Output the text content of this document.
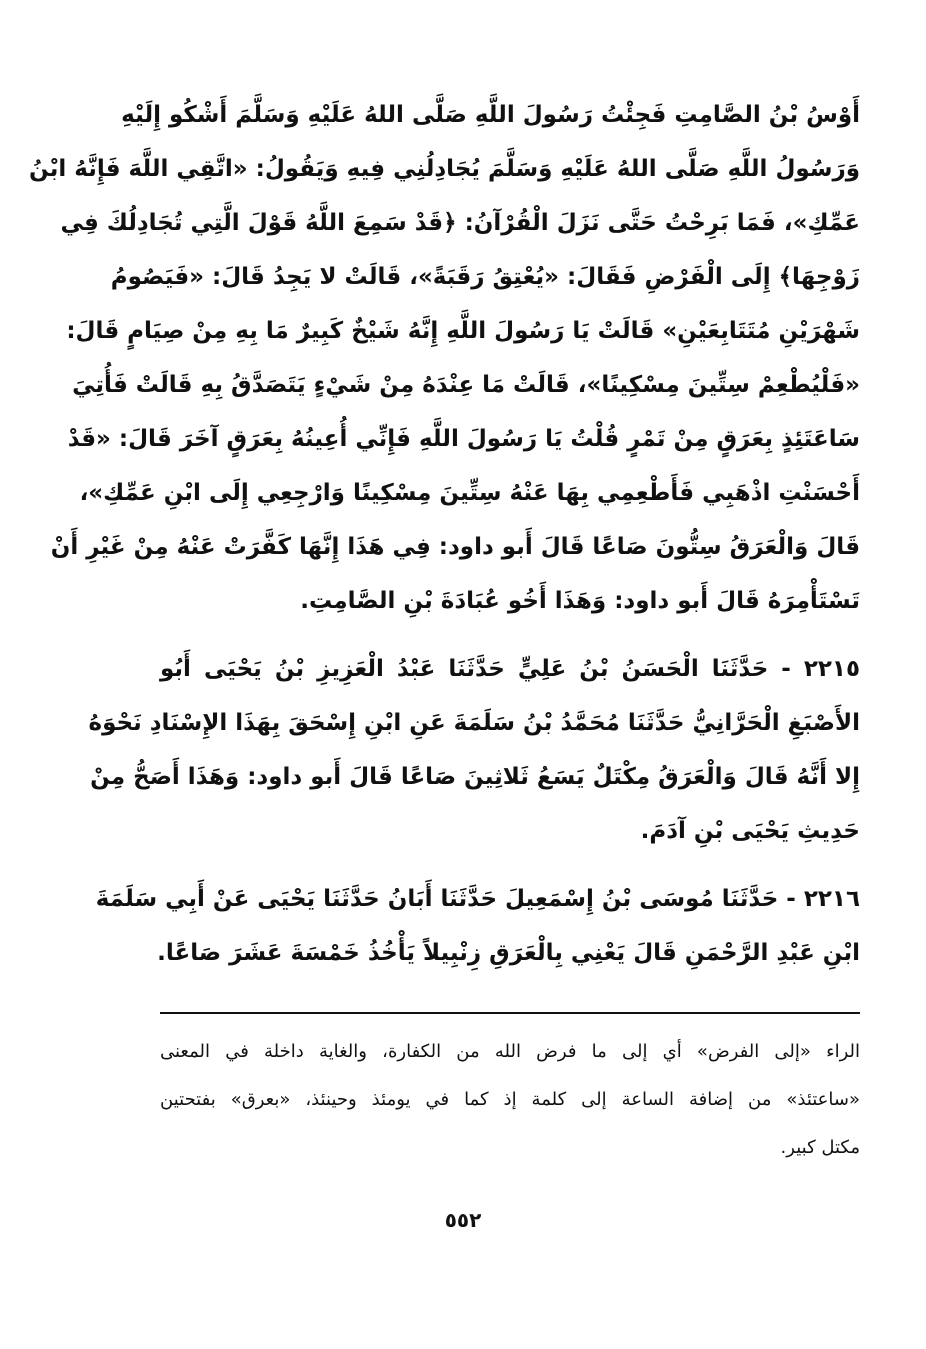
أَوْسُ بْنُ الصَّامِتِ فَجِئْتُ رَسُولَ اللَّهِ صَلَّى اللهُ عَلَيْهِ وَسَلَّمَ أَشْكُو إِلَيْهِ
وَرَسُولُ اللَّهِ صَلَّى اللهُ عَلَيْهِ وَسَلَّمَ يُجَادِلُنِي فِيهِ وَيَقُولُ: «اتَّقِي اللَّهَ فَإِنَّهُ ابْنُ
عَمِّكِ»، فَمَا بَرِحْتُ حَتَّى نَزَلَ الْقُرْآنُ: ﴿قَدْ سَمِعَ اللَّهُ قَوْلَ الَّتِي تُجَادِلُكَ فِي
زَوْجِهَا﴾ إِلَى الْفَرْضِ فَقَالَ: «يُعْتِقُ رَقَبَةً»، قَالَتْ لا يَجِدُ قَالَ: «فَيَصُومُ
شَهْرَيْنِ مُتَتَابِعَيْنِ» قَالَتْ يَا رَسُولَ اللَّهِ إِنَّهُ شَيْخٌ كَبِيرٌ مَا بِهِ مِنْ صِيَامٍ قَالَ:
«فَلْيُطْعِمْ سِتِّينَ مِسْكِينًا»، قَالَتْ مَا عِنْدَهُ مِنْ شَيْءٍ يَتَصَدَّقُ بِهِ قَالَتْ فَأُتِيَ
سَاعَتَئِذٍ بِعَرَقٍ مِنْ تَمْرٍ قُلْتُ يَا رَسُولَ اللَّهِ فَإِنِّي أُعِينُهُ بِعَرَقٍ آخَرَ قَالَ: «قَدْ
أَحْسَنْتِ اذْهَبِي فَأَطْعِمِي بِهَا عَنْهُ سِتِّينَ مِسْكِينًا وَارْجِعِي إِلَى ابْنِ عَمِّكِ»،
قَالَ وَالْعَرَقُ سِتُّونَ صَاعًا قَالَ أَبو داود: فِي هَذَا إِنَّهَا كَفَّرَتْ عَنْهُ مِنْ غَيْرِ أَنْ
تَسْتَأْمِرَهُ قَالَ أَبو داود: وَهَذَا أَخُو عُبَادَةَ بْنِ الصَّامِتِ.
٢٢١٥ - حَدَّثَنَا الْحَسَنُ بْنُ عَلِيٍّ حَدَّثَنَا عَبْدُ الْعَزِيزِ بْنُ يَحْيَى أَبُو
الأَصْبَغِ الْحَرَّانِيُّ حَدَّثَنَا مُحَمَّدُ بْنُ سَلَمَةَ عَنِ ابْنِ إِسْحَقَ بِهَذَا الإِسْنَادِ نَحْوَهُ
إِلا أَنَّهُ قَالَ وَالْعَرَقُ مِكْتَلٌ يَسَعُ ثَلاثِينَ صَاعًا قَالَ أَبو داود: وَهَذَا أَصَحُّ مِنْ
حَدِيثِ يَحْيَى بْنِ آدَمَ.
٢٢١٦ - حَدَّثَنَا مُوسَى بْنُ إِسْمَعِيلَ حَدَّثَنَا أَبَانُ حَدَّثَنَا يَحْيَى عَنْ أَبِي سَلَمَةَ
ابْنِ عَبْدِ الرَّحْمَنِ قَالَ يَعْنِي بِالْعَرَقِ زِنْبِيلاً يَأْخُذُ خَمْسَةَ عَشَرَ صَاعًا.
الراء «إلى الفرض» أي إلى ما فرض الله من الكفارة، والغاية داخلة في المعنى
«ساعتئذ» من إضافة الساعة إلى كلمة إذ كما في يومئذ وحينئذ، «بعرق» بفتحتين
مكتل كبير.
٥٥٢
